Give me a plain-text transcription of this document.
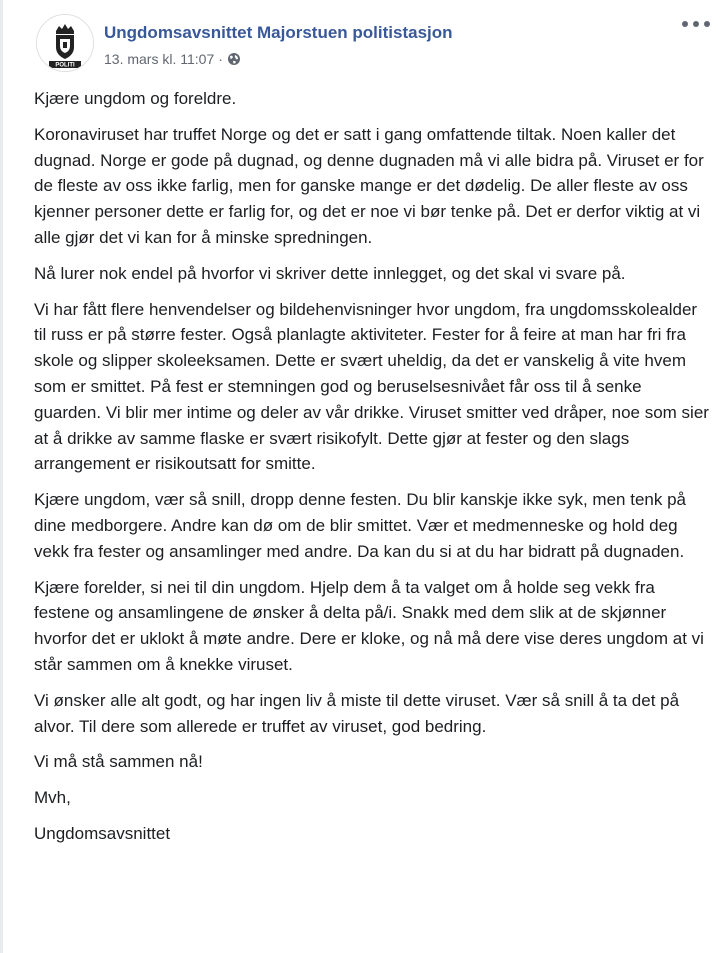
POLITI
Ungdomsavsnittet Majorstuen politistasjon
13. mars kl. 11:07 ·

Kjære ungdom og foreldre.

Koronaviruset har truffet Norge og det er satt i gang omfattende tiltak. Noen kaller det dugnad. Norge er gode på dugnad, og denne dugnaden må vi alle bidra på. Viruset er for de fleste av oss ikke farlig, men for ganske mange er det dødelig. De aller fleste av oss kjenner personer dette er farlig for, og det er noe vi bør tenke på. Det er derfor viktig at vi alle gjør det vi kan for å minske spredningen.

Nå lurer nok endel på hvorfor vi skriver dette innlegget, og det skal vi svare på.

Vi har fått flere henvendelser og bildehenvisninger hvor ungdom, fra ungdomsskolealder til russ er på større fester. Også planlagte aktiviteter. Fester for å feire at man har fri fra skole og slipper skoleeksamen. Dette er svært uheldig, da det er vanskelig å vite hvem som er smittet. På fest er stemningen god og beruselsesnivået får oss til å senke guarden. Vi blir mer intime og deler av vår drikke. Viruset smitter ved dråper, noe som sier at å drikke av samme flaske er svært risikofylt. Dette gjør at fester og den slags arrangement er risikoutsatt for smitte.

Kjære ungdom, vær så snill, dropp denne festen. Du blir kanskje ikke syk, men tenk på dine medborgere. Andre kan dø om de blir smittet. Vær et medmenneske og hold deg vekk fra fester og ansamlinger med andre. Da kan du si at du har bidratt på dugnaden.

Kjære forelder, si nei til din ungdom. Hjelp dem å ta valget om å holde seg vekk fra festene og ansamlingene de ønsker å delta på/i. Snakk med dem slik at de skjønner hvorfor det er uklokt å møte andre. Dere er kloke, og nå må dere vise deres ungdom at vi står sammen om å knekke viruset.

Vi ønsker alle alt godt, og har ingen liv å miste til dette viruset. Vær så snill å ta det på alvor. Til dere som allerede er truffet av viruset, god bedring.

Vi må stå sammen nå!

Mvh,

Ungdomsavsnittet
